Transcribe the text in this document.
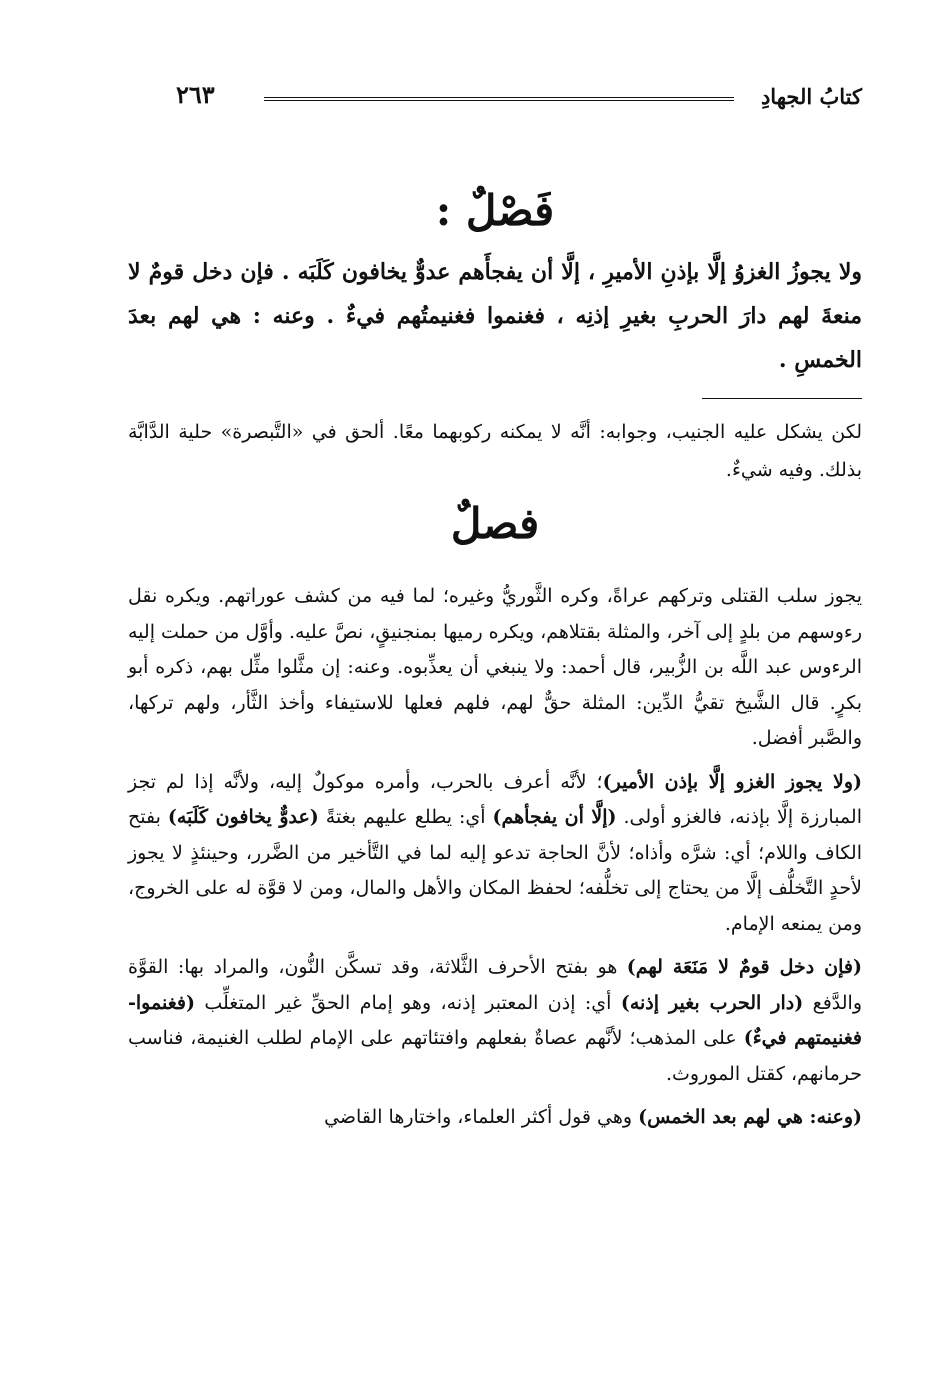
كتابُ الجهادِ
٢٦٣
فَصْلٌ :

ولا يجوزُ الغزوُ إلَّا بإذنِ الأميرِ ، إلَّا أن يفجأَهم عدوٌّ يخافون كَلَبَه . فإن دخل قومٌ لا منعةَ لهم دارَ الحربِ بغيرِ إذنِه ، فغنموا فغنيمتُهم فيءٌ . وعنه : هي لهم بعدَ الخمسِ .

لكن يشكل عليه الجنيب، وجوابه: أنَّه لا يمكنه ركوبهما معًا. ألحق في «التَّبصرة» حلية الدَّابَّة بذلك. وفيه شيءٌ.

فصلٌ

يجوز سلب القتلى وتركهم عراةً، وكره الثَّوريُّ وغيره؛ لما فيه من كشف عوراتهم. ويكره نقل رءوسهم من بلدٍ إلى آخر، والمثلة بقتلاهم، ويكره رميها بمنجنيقٍ، نصَّ عليه. وأوَّل من حملت إليه الرءوس عبد اللَّه بن الزُّبير، قال أحمد: ولا ينبغي أن يعذِّبوه. وعنه: إن مثَّلوا مثِّل بهم، ذكره أبو بكرٍ. قال الشَّيخ تقيُّ الدِّين: المثلة حقٌّ لهم، فلهم فعلها للاستيفاء وأخذ الثَّأر، ولهم تركها، والصَّبر أفضل.

(ولا يجوز الغزو إلَّا بإذن الأمير)؛ لأنَّه أعرف بالحرب، وأمره موكولٌ إليه، ولأنَّه إذا لم تجز المبارزة إلَّا بإذنه، فالغزو أولى. (إلَّا أن يفجأهم) أي: يطلع عليهم بغتةً (عدوٌّ يخافون كَلَبَه) بفتح الكاف واللام؛ أي: شرَّه وأذاه؛ لأنَّ الحاجة تدعو إليه لما في التَّأخير من الضَّرر، وحينئذٍ لا يجوز لأحدٍ التَّخلُّف إلَّا من يحتاج إلى تخلُّفه؛ لحفظ المكان والأهل والمال، ومن لا قوَّة له على الخروج، ومن يمنعه الإمام.

(فإن دخل قومٌ لا مَنَعَة لهم) هو بفتح الأحرف الثَّلاثة، وقد تسكَّن النُّون، والمراد بها: القوَّة والدَّفع (دار الحرب بغير إذنه) أي: إذن المعتبر إذنه، وهو إمام الحقِّ غير المتغلِّب (فغنموا- فغنيمتهم فيءٌ) على المذهب؛ لأنَّهم عصاةٌ بفعلهم وافتئاتهم على الإمام لطلب الغنيمة، فناسب حرمانهم، كقتل الموروث.

(وعنه: هي لهم بعد الخمس) وهي قول أكثر العلماء، واختارها القاضي
